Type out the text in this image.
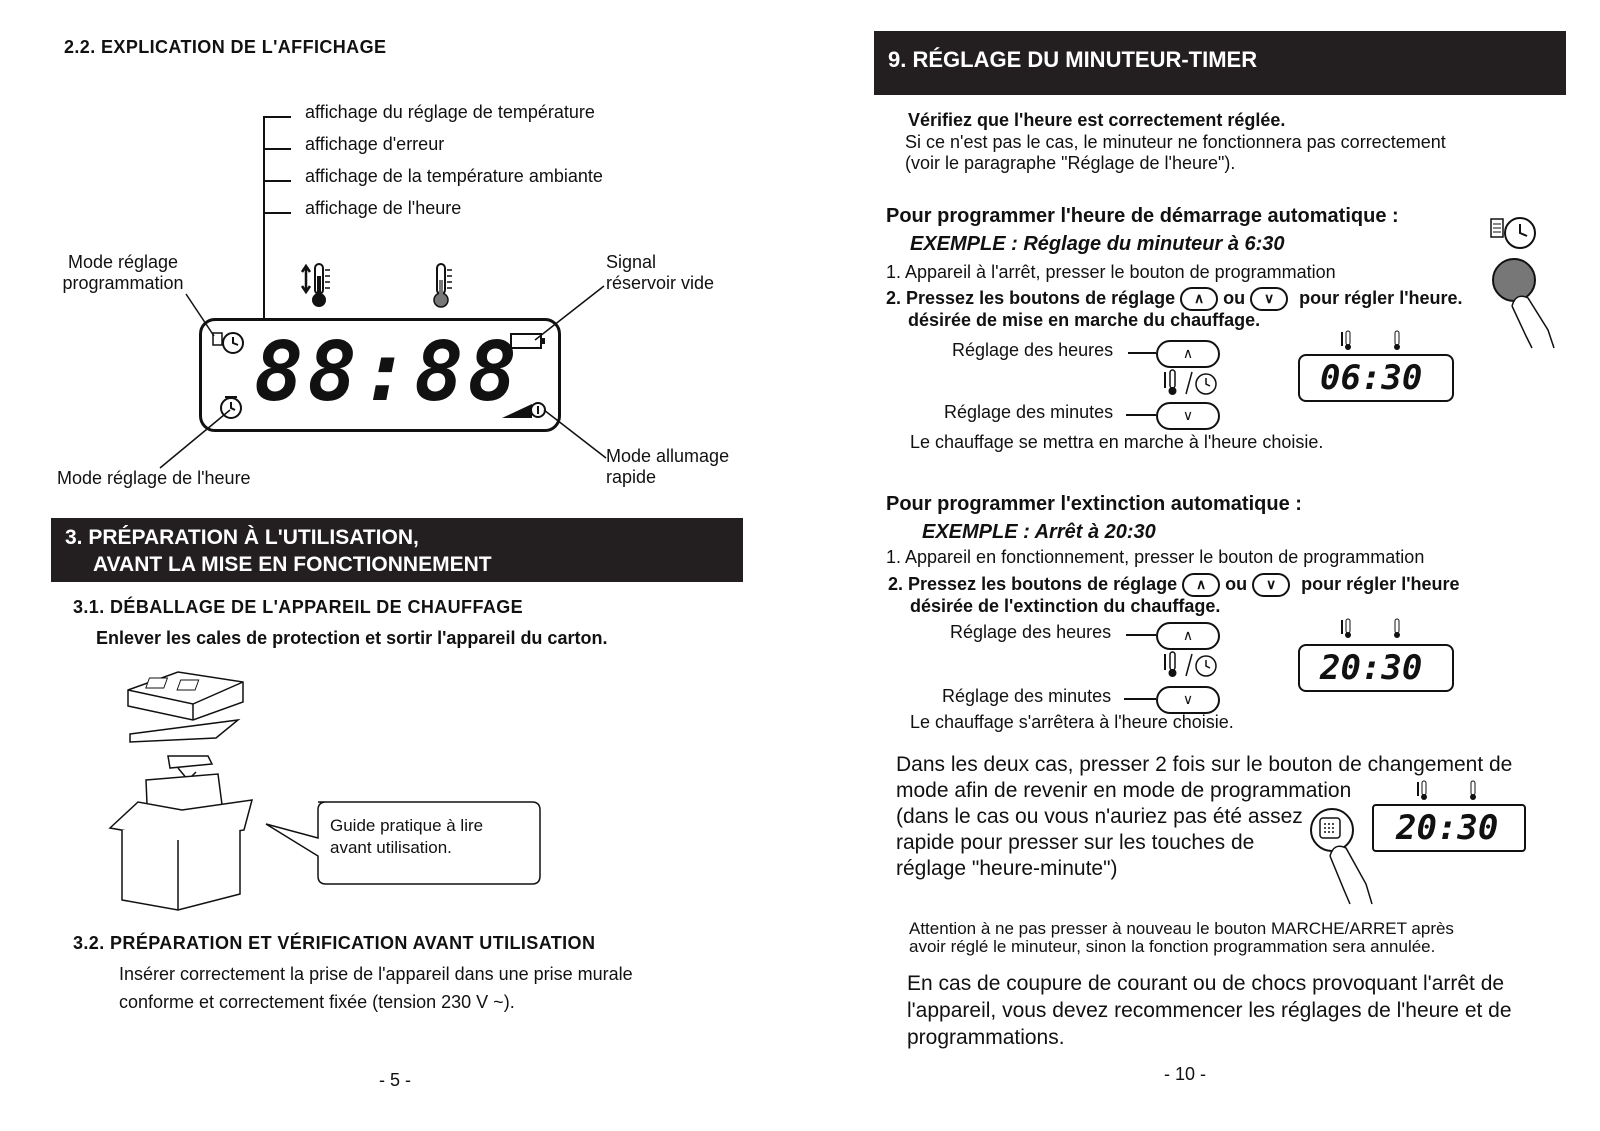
2.2. EXPLICATION DE L'AFFICHAGE
affichage du réglage de température
affichage d'erreur
affichage de la température ambiante
affichage de l'heure
Mode réglage
programmation
Signal
réservoir vide
88:88
Mode réglage de l'heure
Mode allumage
rapide
3. PRÉPARATION À L'UTILISATION,
AVANT LA MISE EN FONCTIONNEMENT
3.1. DÉBALLAGE DE L'APPAREIL DE CHAUFFAGE
Enlever les cales de protection et sortir l'appareil du carton.
Guide pratique à lire
avant utilisation.
3.2. PRÉPARATION ET VÉRIFICATION AVANT UTILISATION
Insérer correctement la prise de l'appareil dans une prise murale
conforme et correctement fixée (tension 230 V ~).
- 5 -
9. RÉGLAGE DU MINUTEUR-TIMER
Vérifiez que l'heure est correctement réglée.
Si ce n'est pas le cas, le minuteur ne fonctionnera pas correctement
(voir le paragraphe "Réglage de l'heure").
Pour programmer l'heure de démarrage automatique :
EXEMPLE : Réglage du minuteur à 6:30
1. Appareil à l'arrêt, presser le bouton de programmation
2. Pressez les boutons de réglage ∧ ou ∨ pour régler l'heure.
désirée de mise en marche du chauffage.
Réglage des heures	∧
Réglage des minutes	∨
06:30
Le chauffage se mettra en marche à l'heure choisie.
Pour programmer l'extinction automatique :
EXEMPLE : Arrêt à 20:30
1. Appareil en fonctionnement, presser le bouton de programmation
2. Pressez les boutons de réglage ∧ ou ∨ pour régler l'heure
désirée de l'extinction du chauffage.
Réglage des heures	∧
Réglage des minutes	∨
20:30
Le chauffage s'arrêtera à l'heure choisie.
Dans les deux cas, presser 2 fois sur le bouton de changement de
mode afin de revenir en mode de programmation
(dans le cas ou vous n'auriez pas été assez
rapide pour presser sur les touches de
réglage "heure-minute")
20:30
Attention à ne pas presser à nouveau le bouton MARCHE/ARRET après
avoir réglé le minuteur, sinon la fonction programmation sera annulée.
En cas de coupure de courant ou de chocs provoquant l'arrêt de
l'appareil, vous devez recommencer les réglages de l'heure et de
programmations.
- 10 -
